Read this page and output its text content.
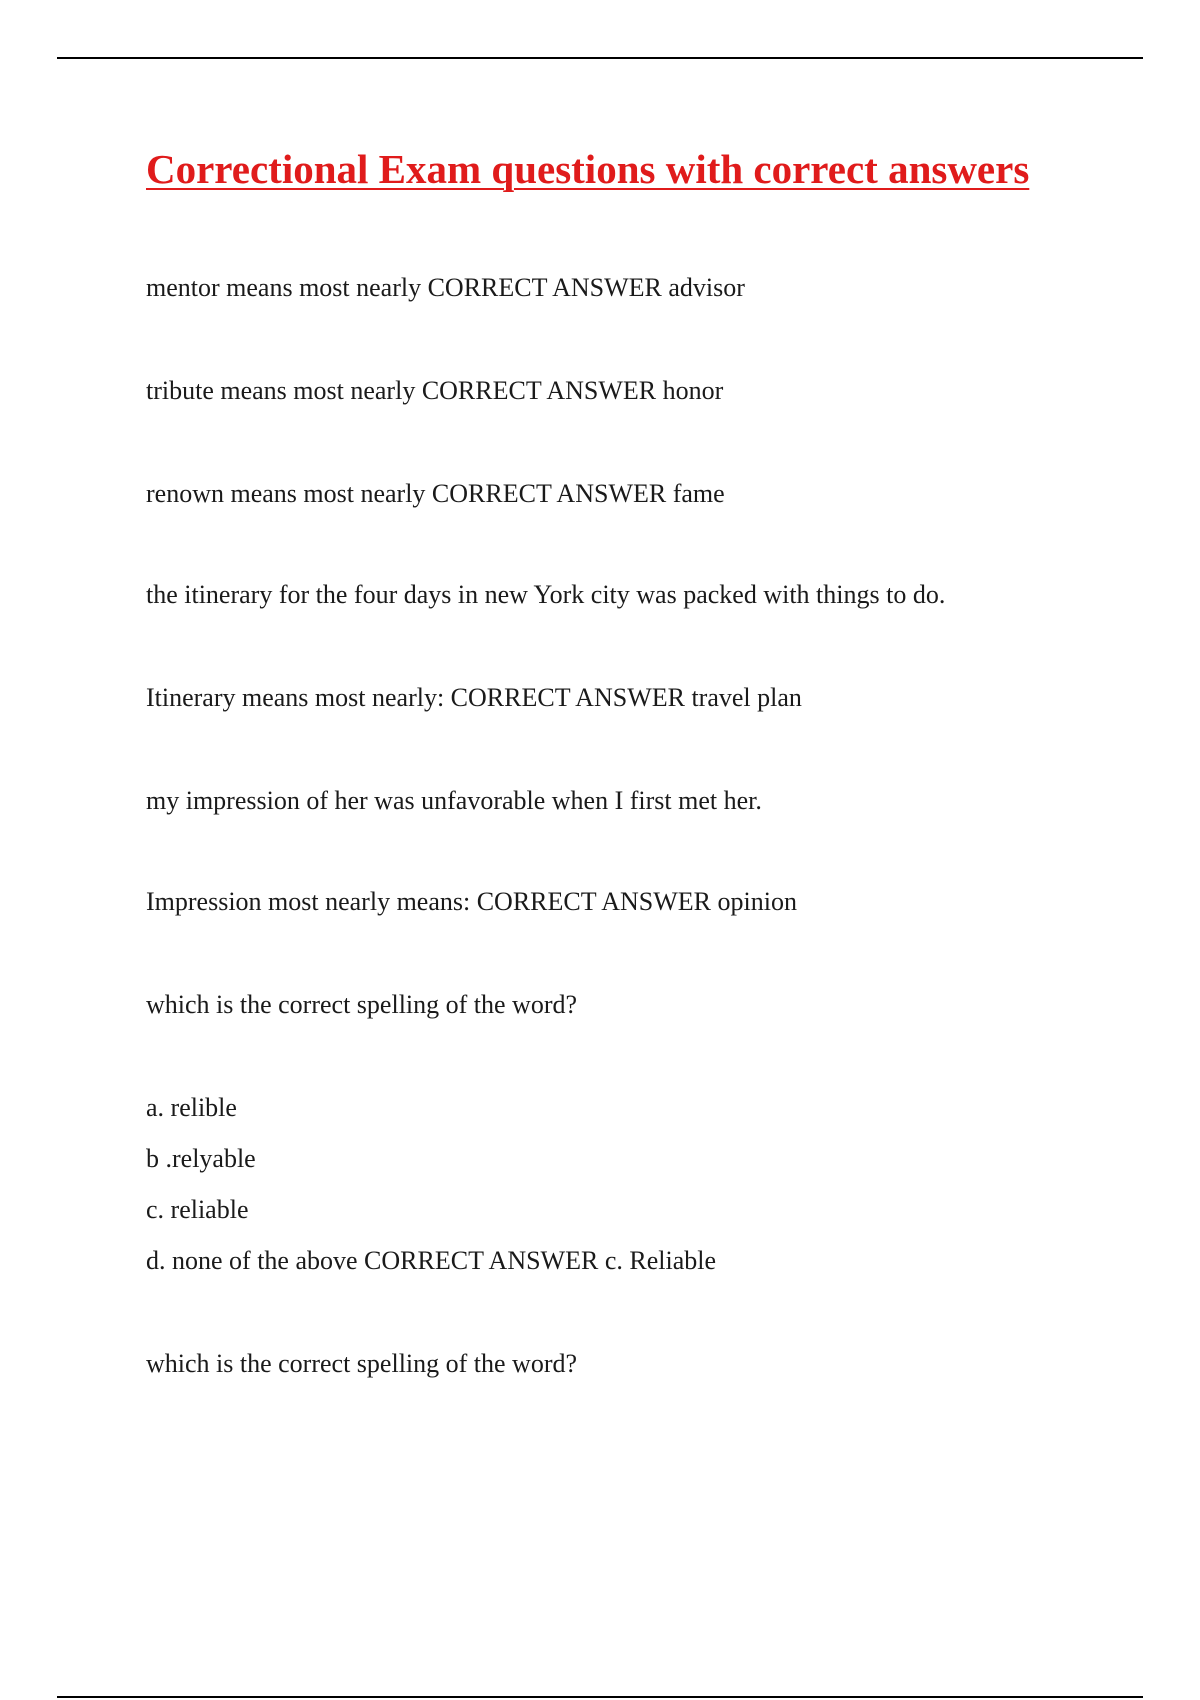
Correctional Exam questions with correct answers

mentor means most nearly CORRECT ANSWER advisor

tribute means most nearly CORRECT ANSWER honor

renown means most nearly CORRECT ANSWER fame

the itinerary for the four days in new York city was packed with things to do.

Itinerary means most nearly: CORRECT ANSWER travel plan

my impression of her was unfavorable when I first met her.

Impression most nearly means: CORRECT ANSWER opinion

which is the correct spelling of the word?

a. relible

b .relyable

c. reliable

d. none of the above CORRECT ANSWER c. Reliable

which is the correct spelling of the word?
